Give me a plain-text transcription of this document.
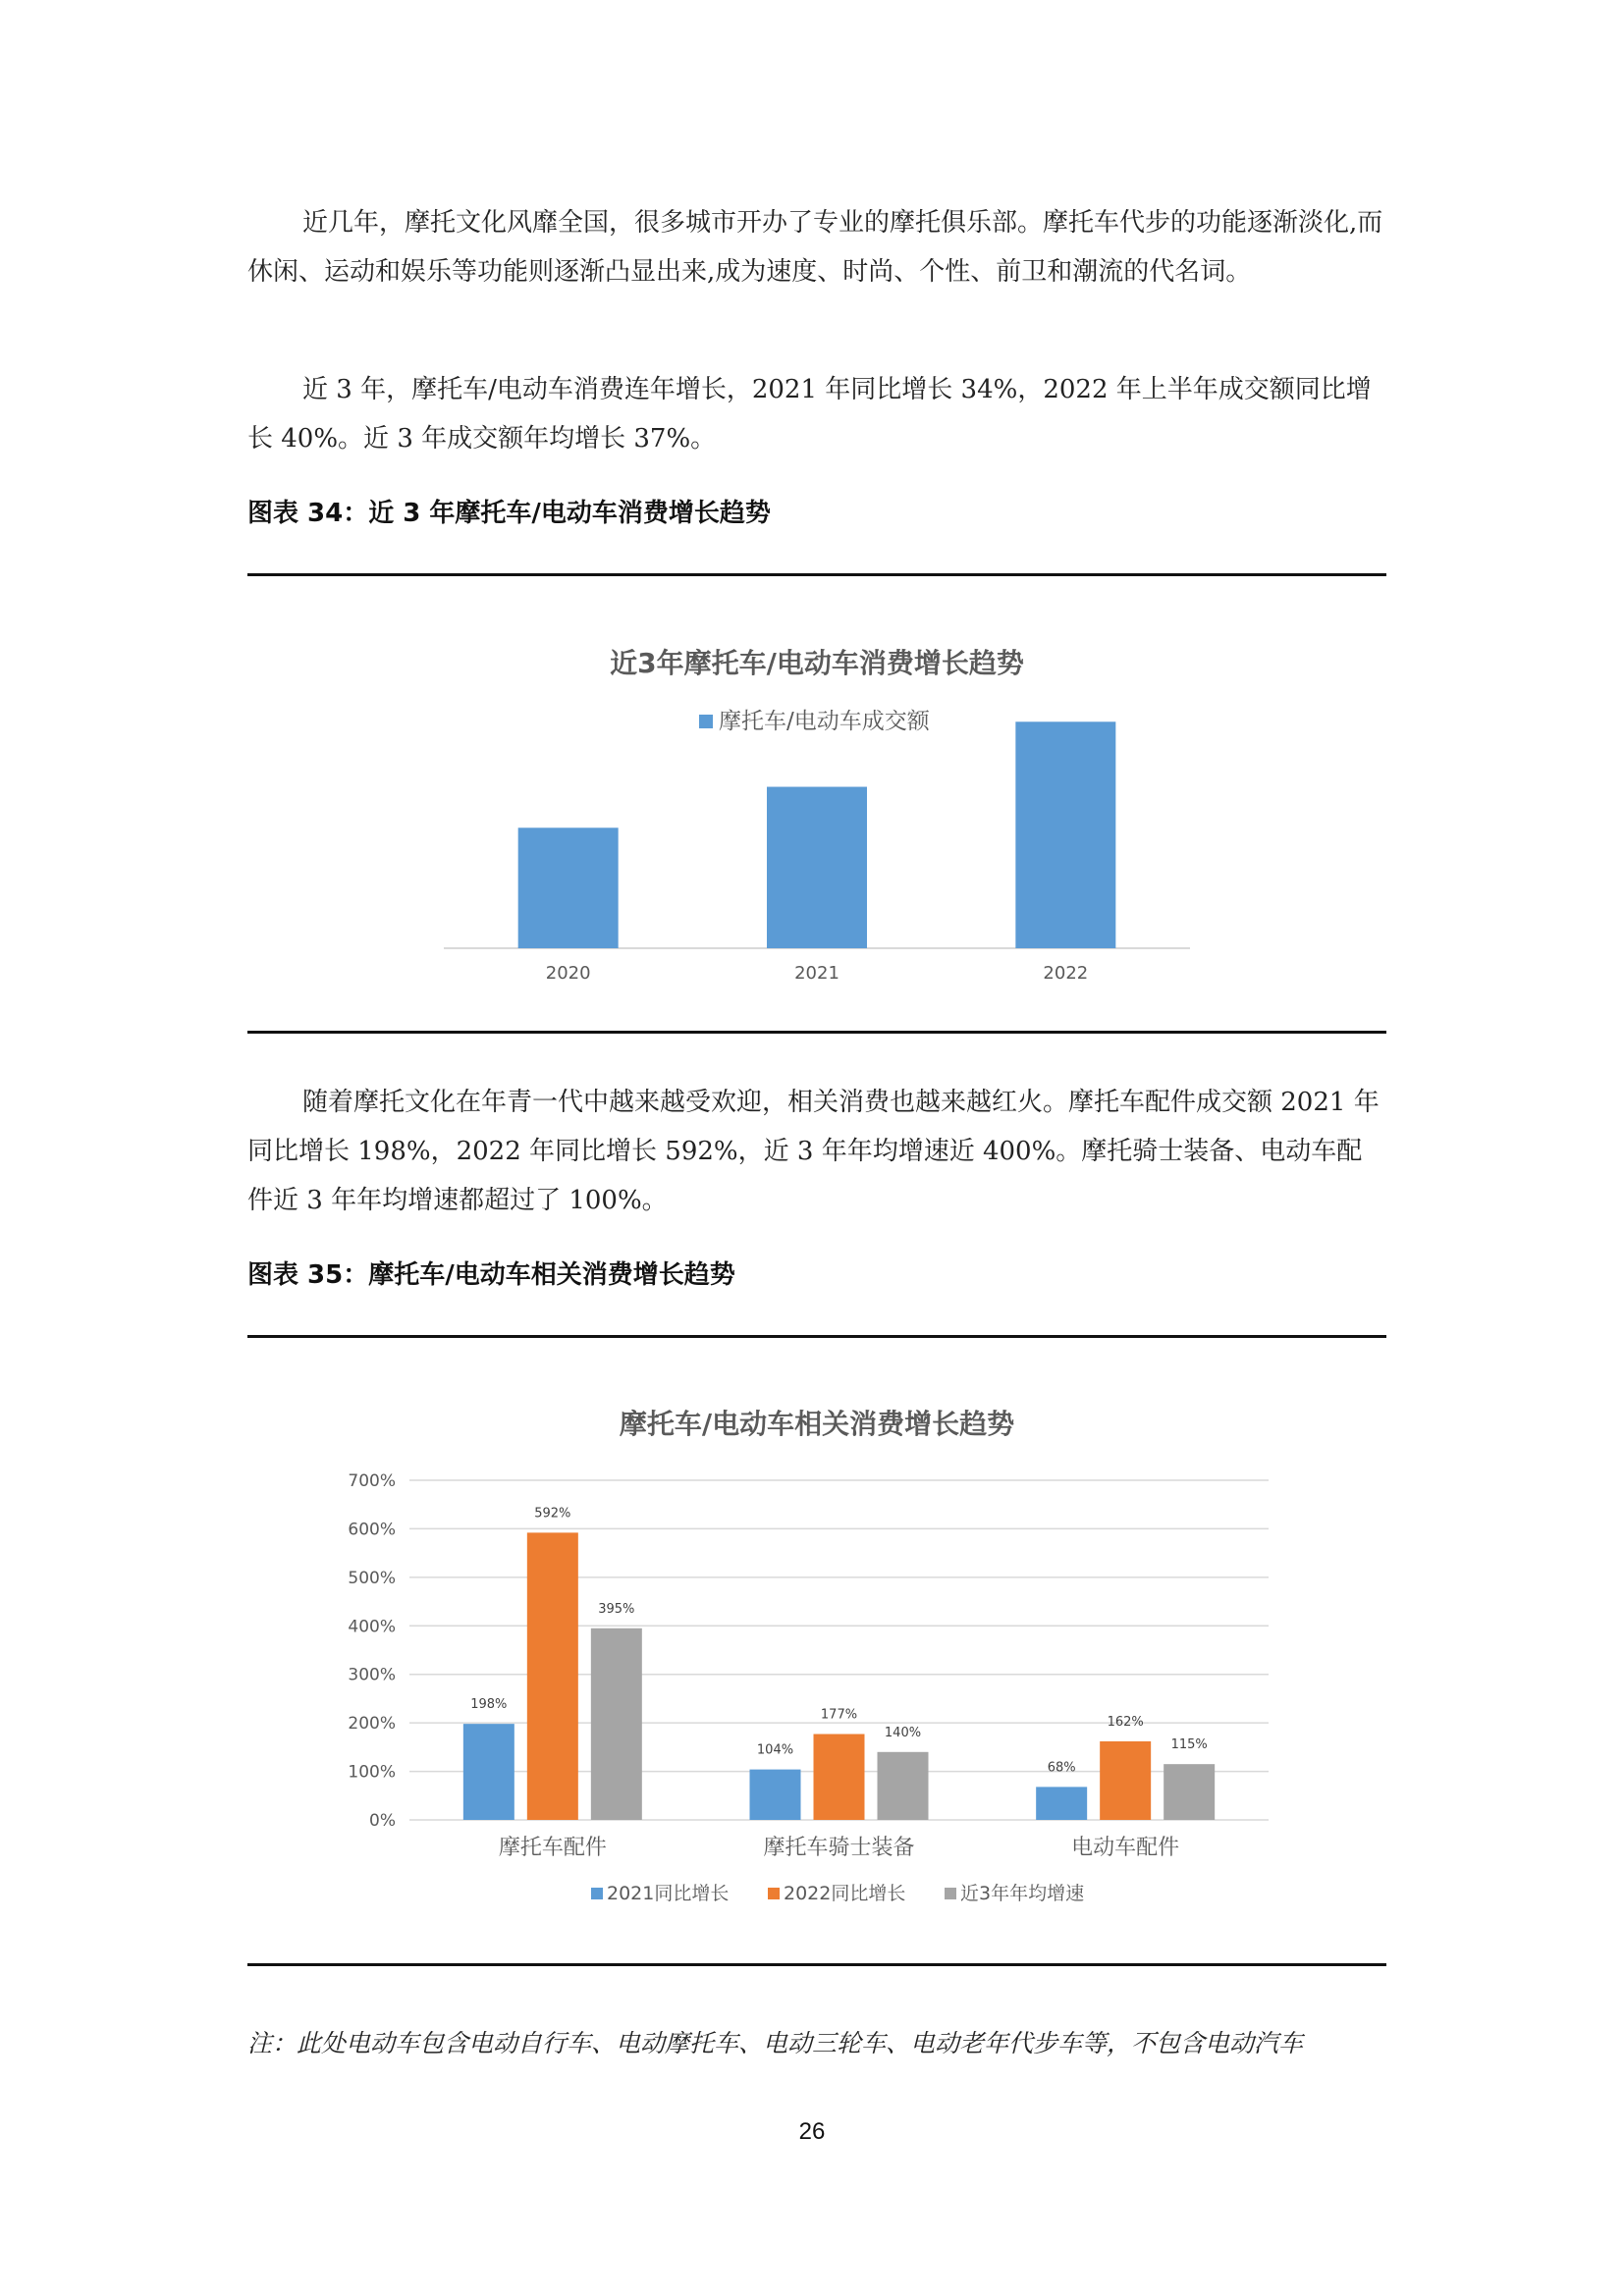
近几年，摩托文化风靡全国，很多城市开办了专业的摩托俱乐部。摩托车代步的功能逐渐淡化,而休闲、运动和娱乐等功能则逐渐凸显出来,成为速度、时尚、个性、前卫和潮流的代名词。

近 3 年，摩托车/电动车消费连年增长，2021 年同比增长 34%，2022 年上半年成交额同比增长 40%。近 3 年成交额年均增长 37%。

图表 34：近 3 年摩托车/电动车消费增长趋势
近3年摩托车/电动车消费增长趋势
摩托车/电动车成交额
2020	2021	2022

随着摩托文化在年青一代中越来越受欢迎，相关消费也越来越红火。摩托车配件成交额 2021 年同比增长 198%，2022 年同比增长 592%，近 3 年年均增速近 400%。摩托骑士装备、电动车配件近 3 年年均增速都超过了 100%。

图表 35：摩托车/电动车相关消费增长趋势
摩托车/电动车相关消费增长趋势
0%
100%
200%
300%
400%
500%
600%
700%
198%
592%
395%
104%
177%
140%
68%
162%
115%
摩托车配件	摩托车骑士装备	电动车配件
2021同比增长	2022同比增长	近3年年均增速
注：此处电动车包含电动自行车、电动摩托车、电动三轮车、电动老年代步车等，不包含电动汽车
26
